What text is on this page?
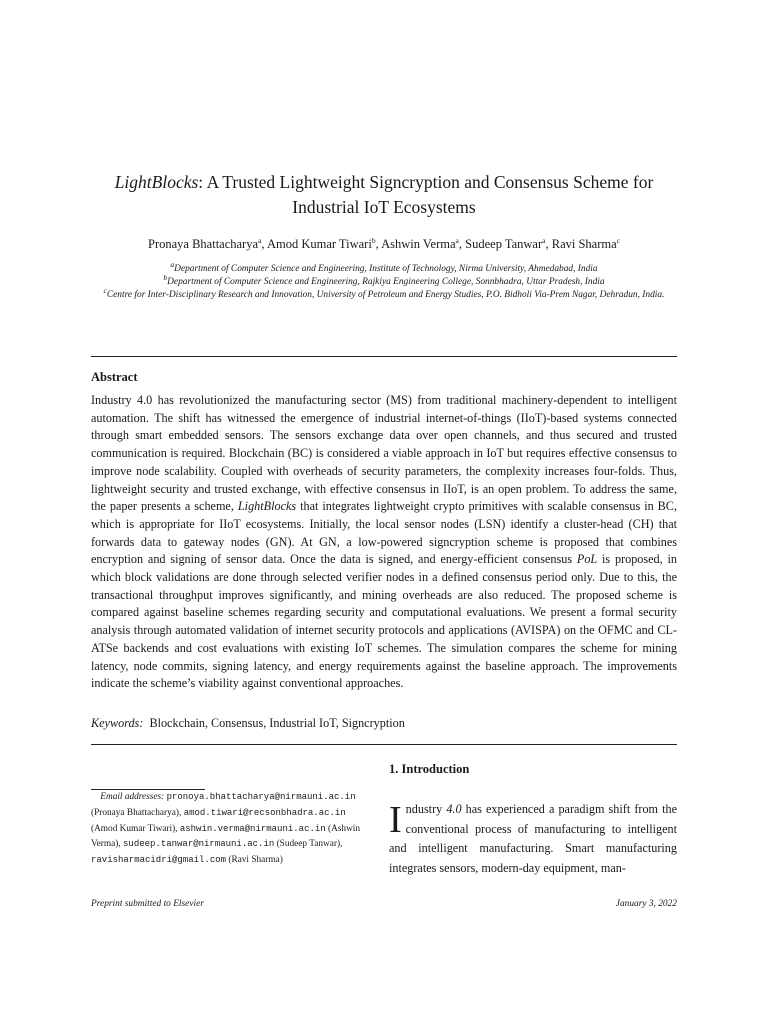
LightBlocks: A Trusted Lightweight Signcryption and Consensus Scheme for
Industrial IoT Ecosystems
Pronaya Bhattacharya$^a$, Amod Kumar Tiwari$^b$, Ashwin Verma$^a$, Sudeep Tanwar$^a$, Ravi Sharma$^c$
$^a$Department of Computer Science and Engineering, Institute of Technology, Nirma University, Ahmedabad, India
$^b$Department of Computer Science and Engineering, Rajkiya Engineering College, Sonnbhadra, Uttar Pradesh, India
$^c$Centre for Inter-Disciplinary Research and Innovation, University of Petroleum and Energy Studies, P.O. Bidholi Via-Prem Nagar, Dehradun, India.
Abstract
Industry 4.0 has revolutionized the manufacturing sector (MS) from traditional machinery-dependent to intelligent automation. The shift has witnessed the emergence of industrial internet-of-things (IIoT)-based systems connected through smart embedded sensors. The sensors exchange data over open channels, and thus secured and trusted communication is required. Blockchain (BC) is considered a viable approach in IoT but requires effective consensus to improve node scalability. Coupled with overheads of security parameters, the complexity increases four-folds. Thus, lightweight security and trusted exchange, with effective consensus in IIoT, is an open problem. To address the same, the paper presents a scheme, LightBlocks that integrates lightweight crypto primitives with scalable consensus in BC, which is appropriate for IIoT ecosystems. Initially, the local sensor nodes (LSN) identify a cluster-head (CH) that forwards data to gateway nodes (GN). At GN, a low-powered signcryption scheme is proposed that combines encryption and signing of sensor data. Once the data is signed, and energy-efficient consensus PoL is proposed, in which block validations are done through selected verifier nodes in a defined consensus period only. Due to this, the transactional throughput improves significantly, and mining overheads are also reduced. The proposed scheme is compared against baseline schemes regarding security and computational evaluations. We present a formal security analysis through automated validation of internet security protocols and applications (AVISPA) on the OFMC and CL-ATSe backends and cost evaluations with existing IoT schemes. The simulation compares the scheme for mining latency, node commits, signing latency, and energy requirements against the baseline approach. The improvements indicate the scheme’s viability against conventional approaches.
Keywords: Blockchain, Consensus, Industrial IoT, Signcryption
1. Introduction
Email addresses: pronoya.bhattacharya@nirmauni.ac.in (Pronaya Bhattacharya), amod.tiwari@recsonbhadra.ac.in (Amod Kumar Tiwari), ashwin.verma@nirmauni.ac.in (Ashwin Verma), sudeep.tanwar@nirmauni.ac.in (Sudeep Tanwar), ravisharmacidri@gmail.com (Ravi Sharma)
Industry 4.0 has experienced a paradigm shift from the conventional process of manufacturing to intelligent and intelligent manufacturing. Smart manufacturing integrates sensors, modern-day equipment, man-
Preprint submitted to Elsevier	January 3, 2022
